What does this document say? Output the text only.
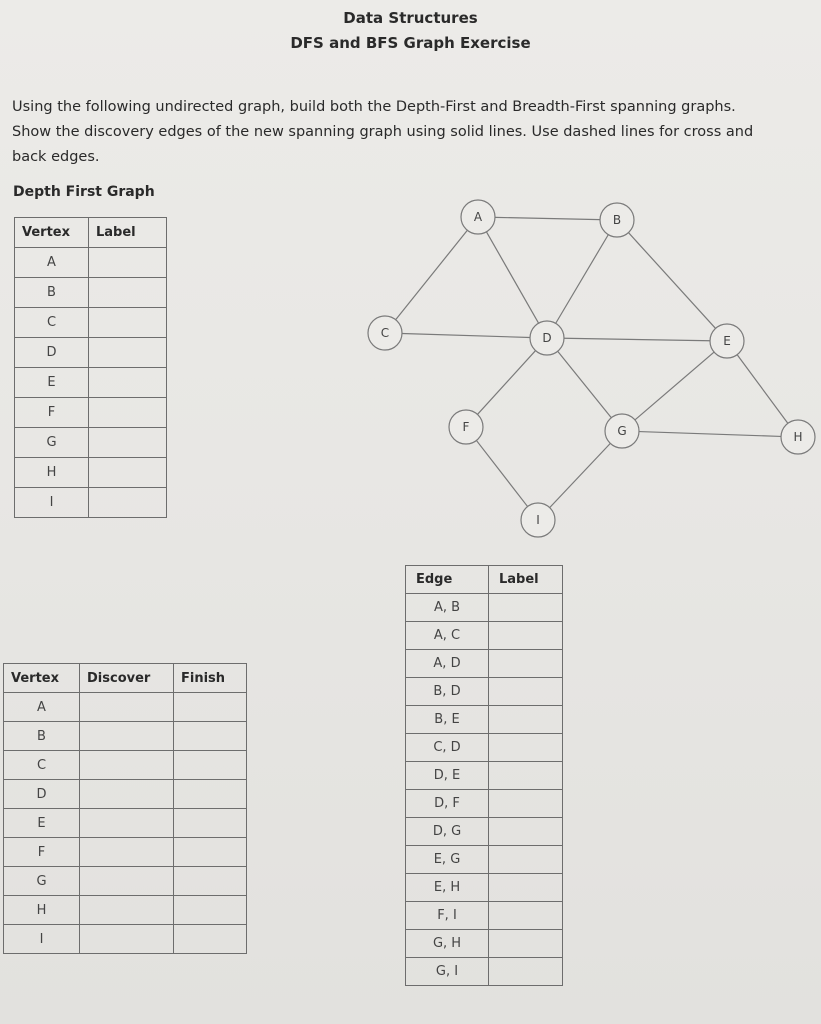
Data Structures
DFS and BFS Graph Exercise

Using the following undirected graph, build both the Depth-First and Breadth-First spanning graphs.

Show the discovery edges of the new spanning graph using solid lines. Use dashed lines for cross and

back edges.

Depth First Graph
Vertex	Label
A	
B	
C	
D	
E	
F	
G	
H	
I	
Vertex	Discover	Finish
A		
B		
C		
D		
E		
F		
G		
H		
I		
Edge	Label
A, B	
A, C	
A, D	
B, D	
B, E	
C, D	
D, E	
D, F	
D, G	
E, G	
E, H	
F, I	
G, H	
G, I	
A	B
C	D	E
F	G	H
I
